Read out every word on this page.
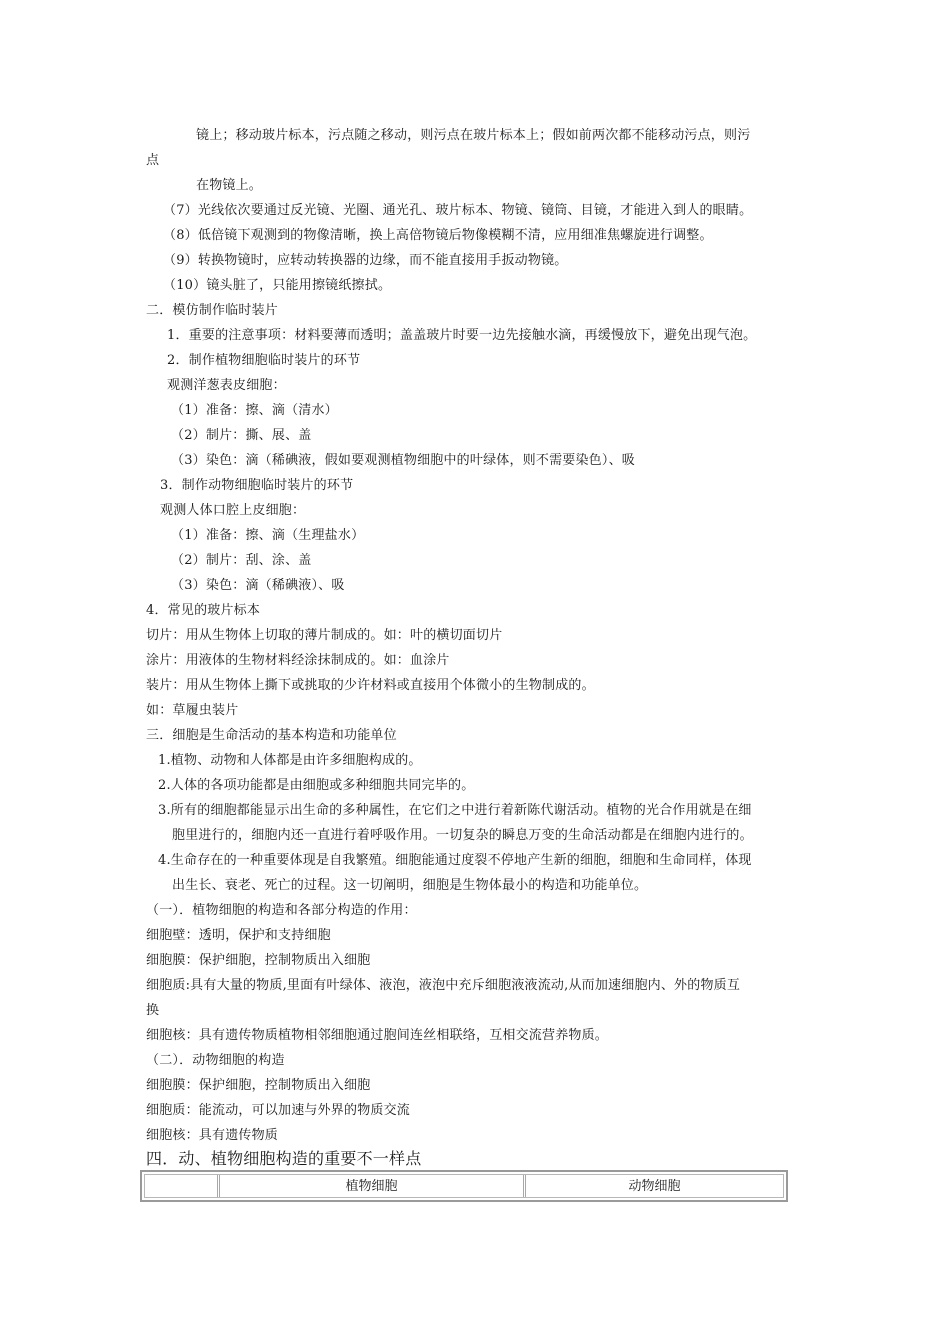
镜上；移动玻片标本，污点随之移动，则污点在玻片标本上；假如前两次都不能移动污点，则污
点
在物镜上。
（7）光线依次要通过反光镜、光圈、通光孔、玻片标本、物镜、镜筒、目镜，才能进入到人的眼睛。
（8）低倍镜下观测到的物像清晰，换上高倍物镜后物像模糊不清，应用细准焦螺旋进行调整。
（9）转换物镜时，应转动转换器的边缘，而不能直接用手扳动物镜。
（10）镜头脏了，只能用擦镜纸擦拭。
二．模仿制作临时装片
1．重要的注意事项：材料要薄而透明；盖盖玻片时要一边先接触水滴，再缓慢放下，避免出现气泡。
2．制作植物细胞临时装片的环节
观测洋葱表皮细胞：
（1）准备：擦、滴（清水）
（2）制片：撕、展、盖
（3）染色：滴（稀碘液，假如要观测植物细胞中的叶绿体，则不需要染色）、吸
3．制作动物细胞临时装片的环节
观测人体口腔上皮细胞：
（1）准备：擦、滴（生理盐水）
（2）制片：刮、涂、盖
（3）染色：滴（稀碘液）、吸
4．常见的玻片标本
切片：用从生物体上切取的薄片制成的。如：叶的横切面切片
涂片：用液体的生物材料经涂抹制成的。如：血涂片
装片：用从生物体上撕下或挑取的少许材料或直接用个体微小的生物制成的。
如：草履虫装片
三．细胞是生命活动的基本构造和功能单位
1.植物、动物和人体都是由许多细胞构成的。
2.人体的各项功能都是由细胞或多种细胞共同完毕的。
3.所有的细胞都能显示出生命的多种属性，在它们之中进行着新陈代谢活动。植物的光合作用就是在细
胞里进行的，细胞内还一直进行着呼吸作用。一切复杂的瞬息万变的生命活动都是在细胞内进行的。
4.生命存在的一种重要体现是自我繁殖。细胞能通过度裂不停地产生新的细胞，细胞和生命同样，体现
出生长、衰老、死亡的过程。这一切阐明，细胞是生物体最小的构造和功能单位。
（一）．植物细胞的构造和各部分构造的作用：
细胞壁：透明，保护和支持细胞
细胞膜：保护细胞，控制物质出入细胞
细胞质:具有大量的物质,里面有叶绿体、液泡，液泡中充斥细胞液液流动,从而加速细胞内、外的物质互
换
细胞核：具有遗传物质植物相邻细胞通过胞间连丝相联络，互相交流营养物质。
（二）．动物细胞的构造
细胞膜：保护细胞，控制物质出入细胞
细胞质：能流动，可以加速与外界的物质交流
细胞核：具有遗传物质
四．动、植物细胞构造的重要不一样点
植物细胞	动物细胞
